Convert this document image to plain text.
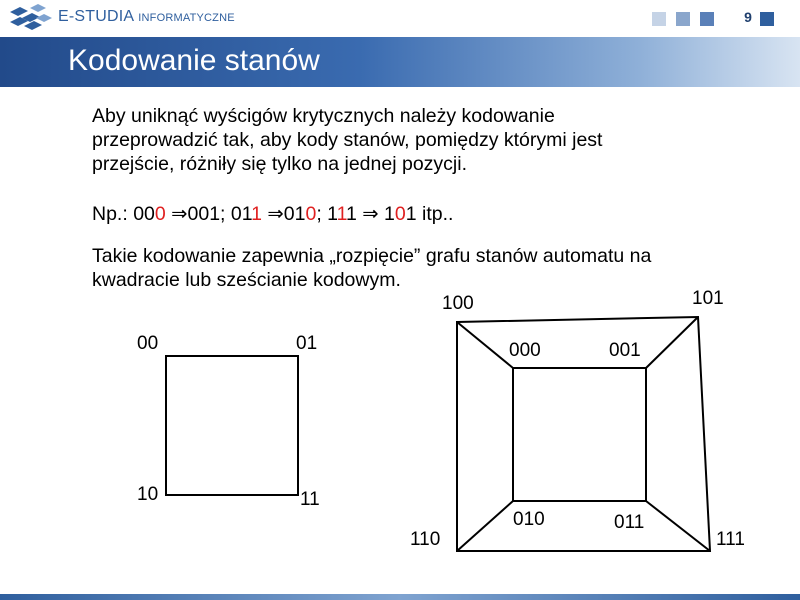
E-STUDIA INFORMATYCZNE	9
Kodowanie stanów
Aby uniknąć wyścigów krytycznych należy kodowanie
przeprowadzić tak, aby kody stanów, pomiędzy którymi jest
przejście, różniły się tylko na jednej pozycji.
Np.: 000 ⇒001; 011 ⇒010; 111 ⇒ 101 itp..
Takie kodowanie zapewnia „rozpięcie” grafu stanów automatu na
kwadracie lub sześcianie kodowym.
00	01
10	11
100	101
110	111
000	001
010	011
